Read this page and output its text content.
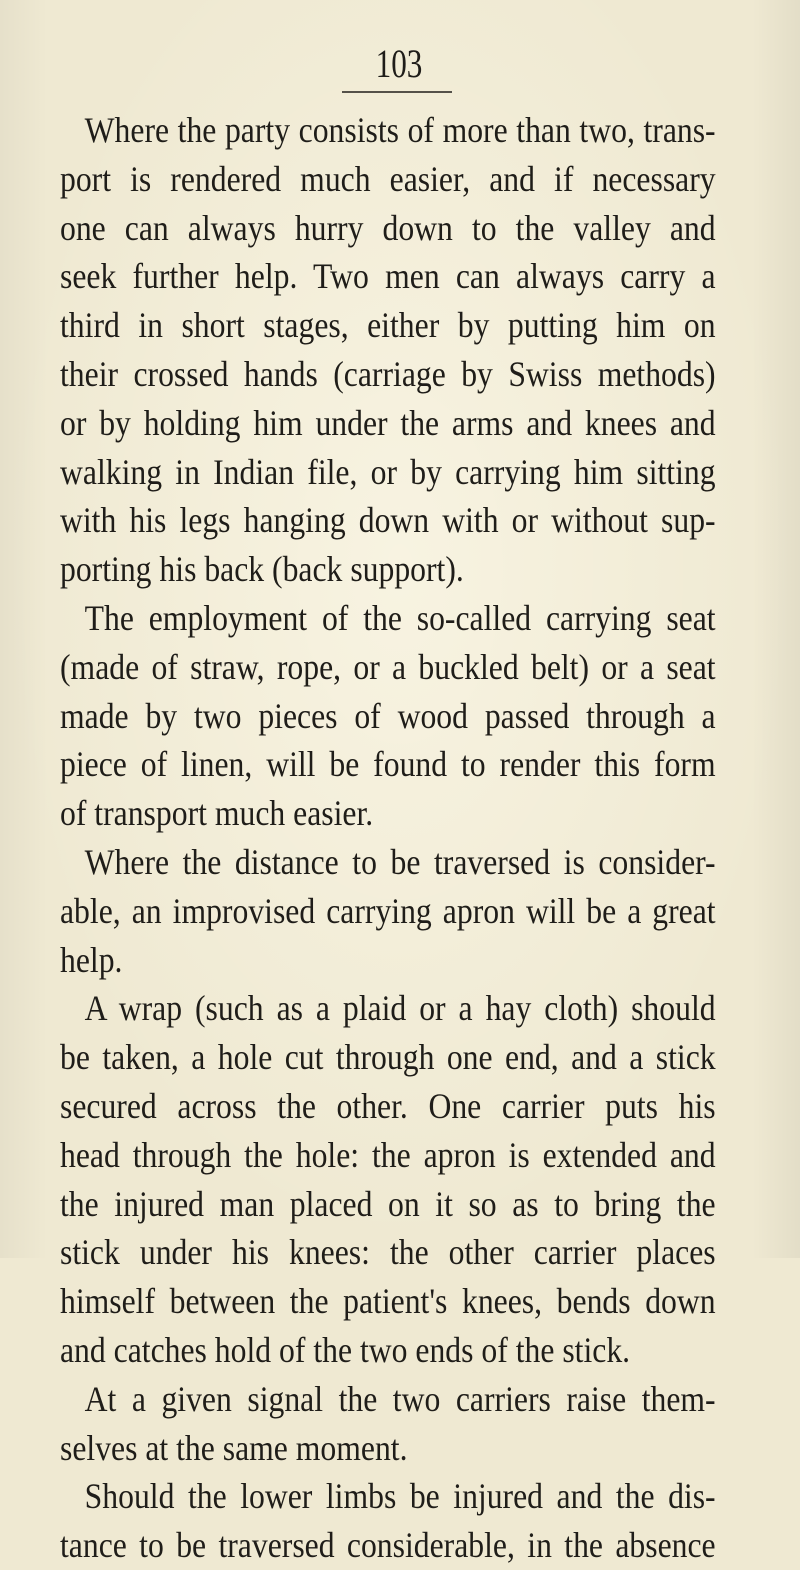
103
Where the party consists of more than two, trans-
port is rendered much easier, and if necessary
one can always hurry down to the valley and
seek further help. Two men can always carry a
third in short stages, either by putting him on
their crossed hands (carriage by Swiss methods)
or by holding him under the arms and knees and
walking in Indian file, or by carrying him sitting
with his legs hanging down with or without sup-
porting his back (back support).
The employment of the so-called carrying seat
(made of straw, rope, or a buckled belt) or a seat
made by two pieces of wood passed through a
piece of linen, will be found to render this form
of transport much easier.
Where the distance to be traversed is consider-
able, an improvised carrying apron will be a great
help.
A wrap (such as a plaid or a hay cloth) should
be taken, a hole cut through one end, and a stick
secured across the other. One carrier puts his
head through the hole: the apron is extended and
the injured man placed on it so as to bring the
stick under his knees: the other carrier places
himself between the patient's knees, bends down
and catches hold of the two ends of the stick.
At a given signal the two carriers raise them-
selves at the same moment.
Should the lower limbs be injured and the dis-
tance to be traversed considerable, in the absence
